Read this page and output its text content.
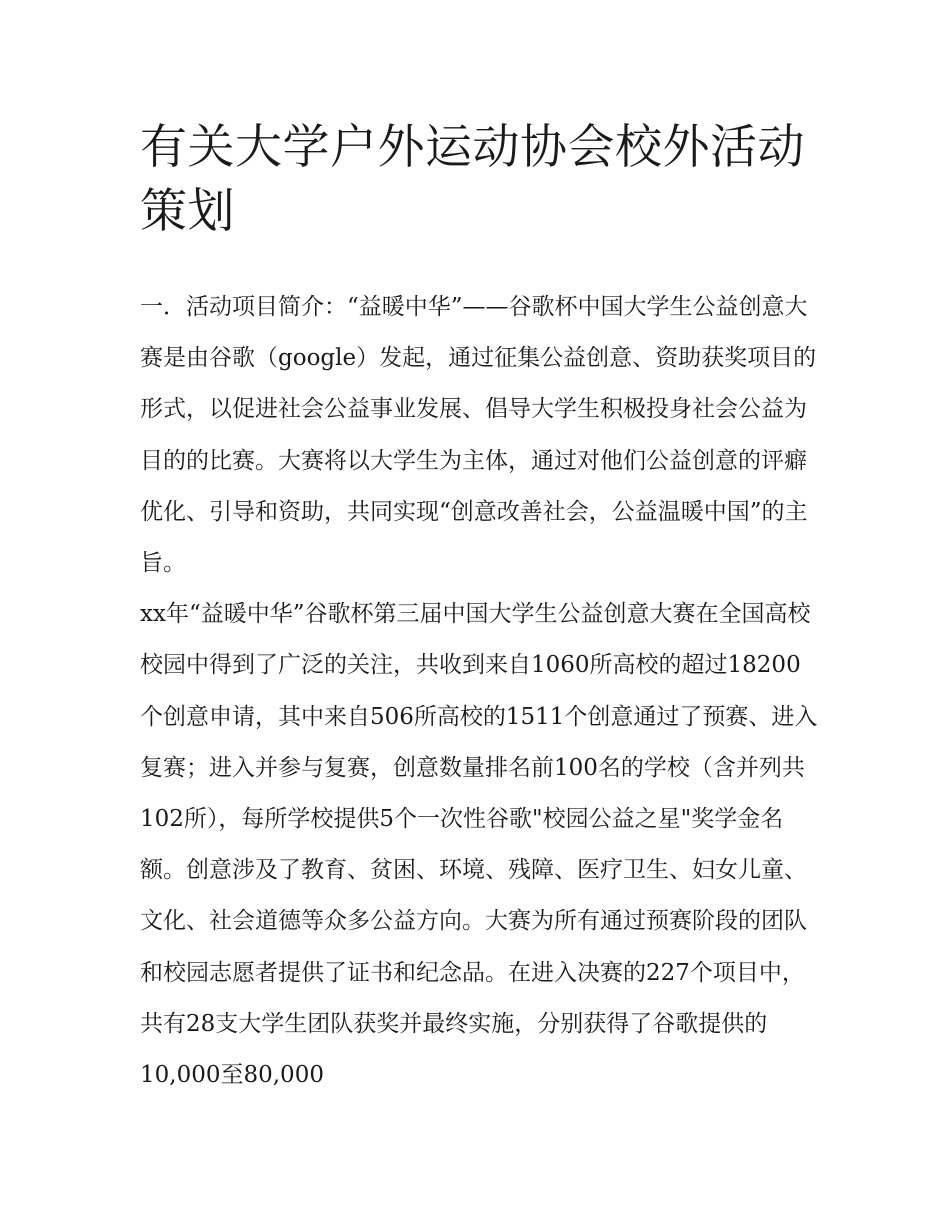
有关大学户外运动协会校外活动策划

一．活动项目简介：“益暖中华”——谷歌杯中国大学生公益创意大赛是由谷歌（google）发起，通过征集公益创意、资助获奖项目的形式，以促进社会公益事业发展、倡导大学生积极投身社会公益为目的的比赛。大赛将以大学生为主体，通过对他们公益创意的评癖优化、引导和资助，共同实现“创意改善社会，公益温暖中国”的主旨。

xx年“益暖中华”谷歌杯第三届中国大学生公益创意大赛在全国高校校园中得到了广泛的关注，共收到来自1060所高校的超过18200个创意申请，其中来自506所高校的1511个创意通过了预赛、进入复赛；进入并参与复赛，创意数量排名前100名的学校（含并列共102所），每所学校提供5个一次性谷歌"校园公益之星"奖学金名额。创意涉及了教育、贫困、环境、残障、医疗卫生、妇女儿童、文化、社会道德等众多公益方向。大赛为所有通过预赛阶段的团队和校园志愿者提供了证书和纪念品。在进入决赛的227个项目中，共有28支大学生团队获奖并最终实施，分别获得了谷歌提供的10,000至80,000
